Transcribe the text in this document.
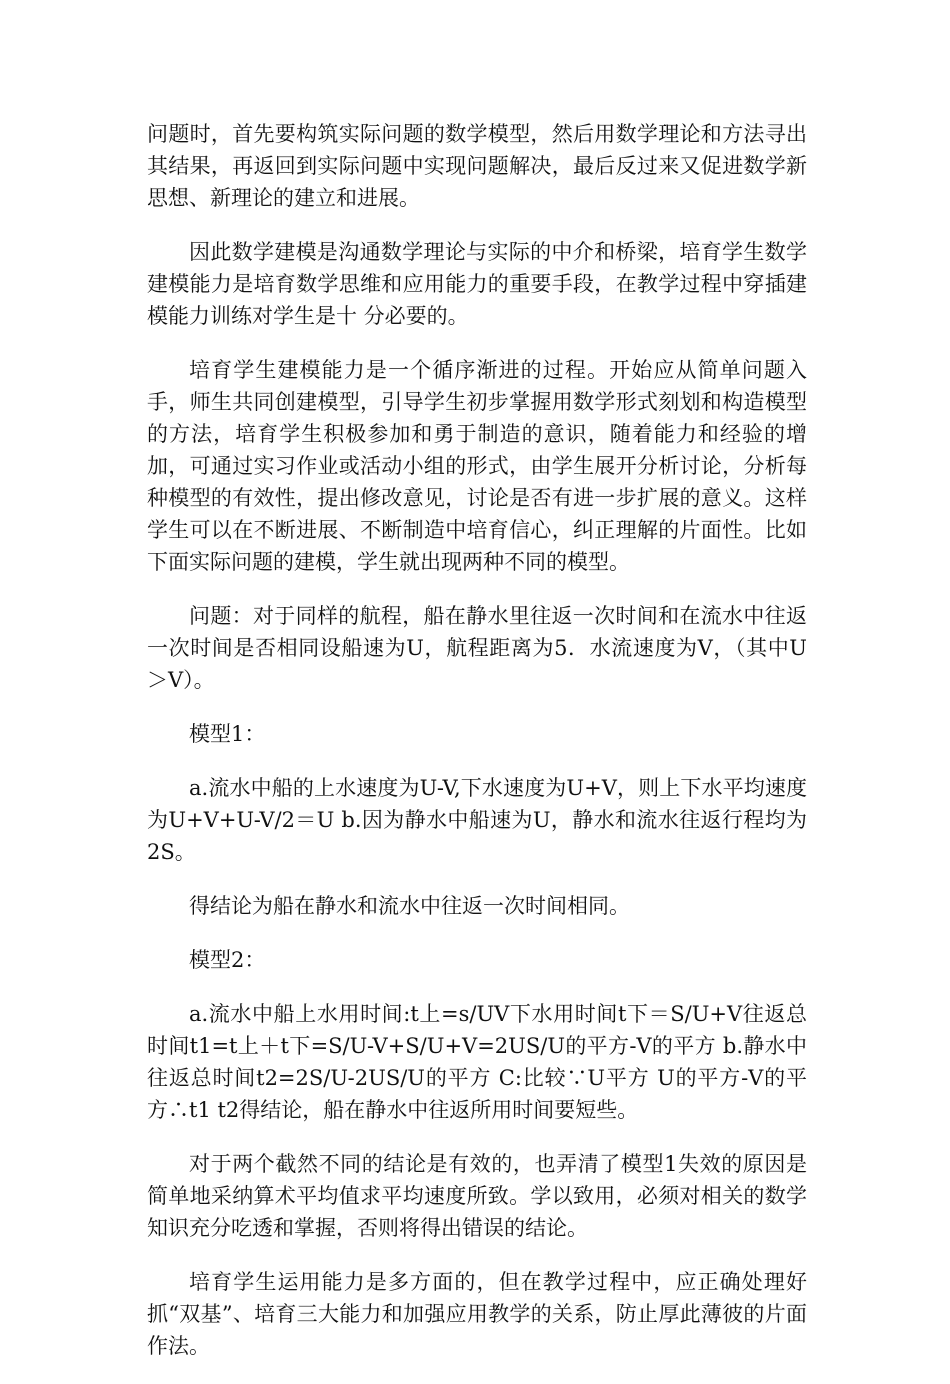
问题时，首先要构筑实际问题的数学模型，然后用数学理论和方法寻出其结果，再返回到实际问题中实现问题解决，最后反过来又促进数学新思想、新理论的建立和进展。

因此数学建模是沟通数学理论与实际的中介和桥梁，培育学生数学建模能力是培育数学思维和应用能力的重要手段，在教学过程中穿插建模能力训练对学生是十 分必要的。

培育学生建模能力是一个循序渐进的过程。开始应从简单问题入手，师生共同创建模型，引导学生初步掌握用数学形式刻划和构造模型的方法，培育学生积极参加和勇于制造的意识，随着能力和经验的增加，可通过实习作业或活动小组的形式，由学生展开分析讨论，分析每种模型的有效性，提出修改意见，讨论是否有进一步扩展的意义。这样学生可以在不断进展、不断制造中培育信心，纠正理解的片面性。比如下面实际问题的建模，学生就出现两种不同的模型。

问题：对于同样的航程，船在静水里往返一次时间和在流水中往返一次时间是否相同设船速为U，航程距离为5．水流速度为V，（其中U＞V）。

模型1：

a.流水中船的上水速度为U-V,下水速度为U+V，则上下水平均速度为U+V+U-V/2＝U b.因为静水中船速为U，静水和流水往返行程均为2S。

得结论为船在静水和流水中往返一次时间相同。

模型2：

a.流水中船上水用时间:t上=s/UV下水用时间t下＝S/U+V往返总时间t1=t上＋t下=S/U-V+S/U+V=2US/U的平方-V的平方 b.静水中往返总时间t2=2S/U-2US/U的平方 C:比较∵U平方 U的平方-V的平方∴t1 t2得结论，船在静水中往返所用时间要短些。

对于两个截然不同的结论是有效的，也弄清了模型1失效的原因是简单地采纳算术平均值求平均速度所致。学以致用，必须对相关的数学知识充分吃透和掌握，否则将得出错误的结论。

培育学生运用能力是多方面的，但在教学过程中，应正确处理好抓“双基”、培育三大能力和加强应用教学的关系，防止厚此薄彼的片面作法。
